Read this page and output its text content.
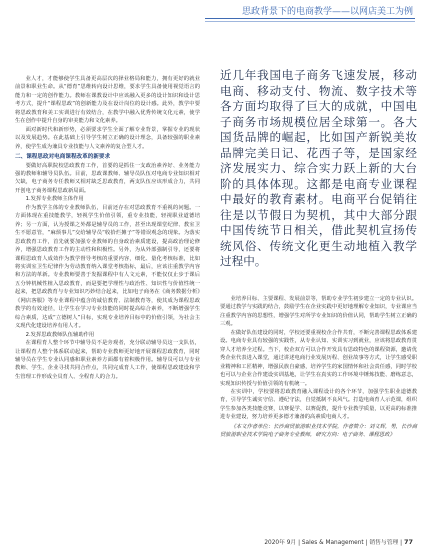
思政背景下的电商教学——以网店美工为例

业人才，才能够使学生具备更高层次的择业格局和能力，拥有更好的就业前景和职业生命。从“德育”思维转向设计思维，要求学生具备使用视觉语言的能力和一定的创作能力。教师在课教设计中应该融入更多的设计知识和设计思考方式，提升“课程思政”的创新能力及在设计岗位的设计感。此外，教学中要将思政教育和美工实训进行有效结合，在教学中融入优秀传统文化元素，使学生在创作中提升自身的审美能力和文化素养。

面对新时代和新形势，必须要求学生全面了解专业背景，掌握专业的现状以及发展趋势。在此基础上引导学生树立正确的设计理念，具备较强的职业素养，使学生成为兼具专业技能与人文素养的复合型人才。

二、课程思政对电商课程改革的新要求

要做好高职院校思政教育工作，首要的是抓住一支政治素养好、业务能力强的教师和辅导员队伍。目前，思政课教师、辅导员队伍对电商专业知识相对欠缺，电子商务专任教师又相对缺乏思政教育，两支队伍应该形成合力，共同开创电子商务课程思政新局面。

1.发挥专业教师主体作用

作为教学主体的专业教师队伍，目前还存在对思政教育不重视的问题。一方面体现在重技能教学，轻视学生价值引领，重专业技能，轻视职业道德培养；另一方面，认为授课之外都是辅导员的工作，甚至出现课堂纪律、教室卫生不愿意管，“麻烦事儿”交给辅导员“收拾烂摊子”等错误观念的现象。为落实思政教育工作，首先就要加强专业教师的自身政治素质建设，提高政治理论修养，增强思政教育工作的主动性和积极性。另外，为从外部强制引导，还要将课程思政育人成效作为教学督导考核的重要内容，细化、量化考核标准，比如将实训室卫生纪律作为劳动教育纳入课堂考核指标，最后，应该注重教学内容和方法的革新。专业教师要善于发掘课程中有人文元素，不能仅仅止步于课后五分钟机械性植入思政教育，而是要把学理性与政治性、知识性与价值性统一起来，把思政教育与专业知识巧妙结合起来，比如电子商务在《商务数据分析》《网店客服》等专业课程中蕴含的诚信教育、法制教育等，使其成为课程思政教学的有效途径，让学生在学习专业技能的同时提高综合素养，不断增强学生综合素质，达成“立德树人”目标，实现专业培养目标中的价值引领，为社会主义现代化建设培养有用人才。

2.发挥思政教师队伍辅助作用

在课程育人整个环节中辅导员不是旁观者，充分联动辅导员这一支队伍，让课程育人整个体系联动起来，帮助专业教师更好地开展课程思政教育，同时辅导员在学生专业认同感和职业素养方面都有着积极作用。辅导员可以与专业教师、学生，企业寻找共同合作点，共同完成育人工作，使课程思政建设和学生管理工作形成全员育人、全程育人的合力。

近几年我国电子商务飞速发展，移动电商、移动支付、物流、数字技术等各方面均取得了巨大的成就，中国电子商务市场规模位居全球第一。各大国货品牌的崛起，比如国产新锐美妆品牌完美日记、花西子等，是国家经济发展实力、综合实力跃上新的大台阶的具体体现。这都是电商专业课程中最好的教育素材。电商平台促销往往是以节假日为契机，其中大部分跟中国传统节日相关，借此契机宣扬传统风俗、传统文化更生动地植入教学过程中。

业培养目标、主要课程、发展前景等，帮助专业学生初步建立一定的专业认识。要通过教学与实践的结合，鼓励学生在企业实践中更好地理解专业知识，专业课应当注重教学内容的思想性，增强学生对所学专业知识的价值认同，帮助学生树立正确的三观。

在做好队伍建设的同时，学校还要重视校企合作共育，不断完善课程思政体系建设。电商专业具有较强的实践性，从专业认知、实训实习到就业，应该将思政教育贯穿人才培养全过程。当下，校企双方可以合作开发具有思政特色的课程资源，邀请优秀企业代表进入课堂，通过讲述电商行业发展历程、创业故事等方式，让学生感受职业精神和工匠精神，增强民族自豪感，培养学生的家国情怀和社会责任感，同时学校也可以与企业合作建设实训基地，让学生在真实的工作环境中锤炼技能、磨练意志，实现知识传授与价值引领的有机统一。

在实训中，学校要将思政教育融入课程设计的各个环节，加强学生职业道德教育，引导学生诚实守信、遵纪守法，自觉抵制不良风气。打造电商育人示范课，组织学生参加各类技能竞赛，以赛促学、以赛促教，提升专业教学质量，以更高的标准推进专业建设，努力培养更多德才兼备的高素质电商人才。

《本文作者单位：长沙商贸旅游职业技术学院，作者简介：刘文辉，男，长沙商贸旅游职业技术学院电子商务专业教师，研究方向：电子商务、课程思政》

2020年 9月 | Sales & Management | 销售与管理 | 77
